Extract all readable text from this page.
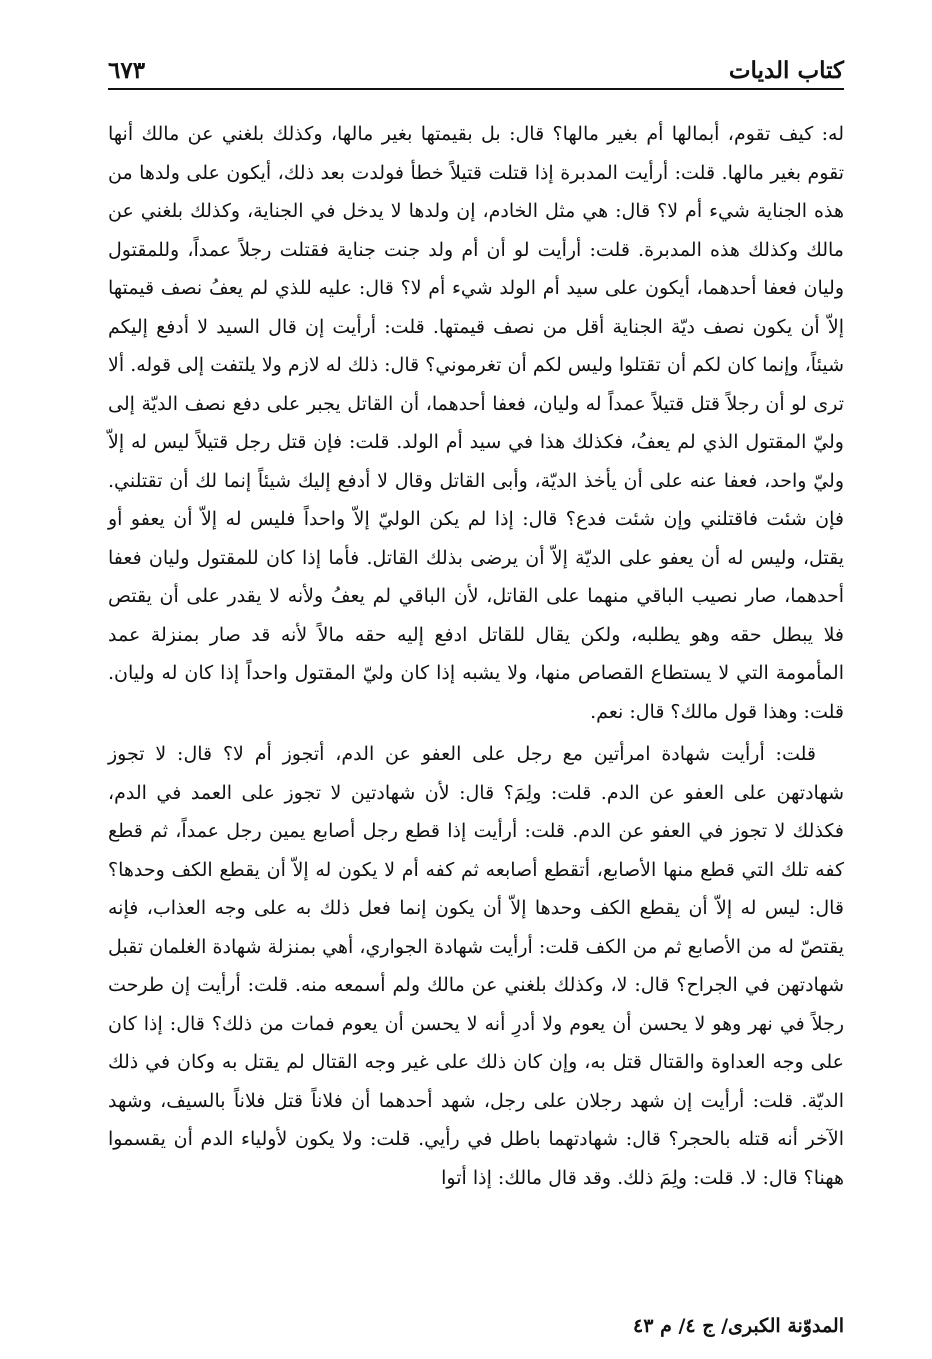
كتاب الديات
٦٧٣

له: كيف تقوم، أبمالها أم بغير مالها؟ قال: بل بقيمتها بغير مالها، وكذلك بلغني عن مالك أنها تقوم بغير مالها. قلت: أرأيت المدبرة إذا قتلت قتيلاً خطأ فولدت بعد ذلك، أيكون على ولدها من هذه الجناية شيء أم لا؟ قال: هي مثل الخادم، إن ولدها لا يدخل في الجناية، وكذلك بلغني عن مالك وكذلك هذه المدبرة. قلت: أرأيت لو أن أم ولد جنت جناية فقتلت رجلاً عمداً، وللمقتول وليان فعفا أحدهما، أيكون على سيد أم الولد شيء أم لا؟ قال: عليه للذي لم يعفُ نصف قيمتها إلاّ أن يكون نصف ديّة الجناية أقل من نصف قيمتها. قلت: أرأيت إن قال السيد لا أدفع إليكم شيئاً، وإنما كان لكم أن تقتلوا وليس لكم أن تغرموني؟ قال: ذلك له لازم ولا يلتفت إلى قوله. ألا ترى لو أن رجلاً قتل قتيلاً عمداً له وليان، فعفا أحدهما، أن القاتل يجبر على دفع نصف الديّة إلى وليّ المقتول الذي لم يعفُ، فكذلك هذا في سيد أم الولد. قلت: فإن قتل رجل قتيلاً ليس له إلاّ وليّ واحد، فعفا عنه على أن يأخذ الديّة، وأبى القاتل وقال لا أدفع إليك شيئاً إنما لك أن تقتلني. فإن شئت فاقتلني وإن شئت فدع؟ قال: إذا لم يكن الوليّ إلاّ واحداً فليس له إلاّ أن يعفو أو يقتل، وليس له أن يعفو على الديّة إلاّ أن يرضى بذلك القاتل. فأما إذا كان للمقتول وليان فعفا أحدهما، صار نصيب الباقي منهما على القاتل، لأن الباقي لم يعفُ ولأنه لا يقدر على أن يقتص فلا يبطل حقه وهو يطلبه، ولكن يقال للقاتل ادفع إليه حقه مالاً لأنه قد صار بمنزلة عمد المأمومة التي لا يستطاع القصاص منها، ولا يشبه إذا كان وليّ المقتول واحداً إذا كان له وليان. قلت: وهذا قول مالك؟ قال: نعم.

قلت: أرأيت شهادة امرأتين مع رجل على العفو عن الدم، أتجوز أم لا؟ قال: لا تجوز شهادتهن على العفو عن الدم. قلت: ولِمَ؟ قال: لأن شهادتين لا تجوز على العمد في الدم، فكذلك لا تجوز في العفو عن الدم. قلت: أرأيت إذا قطع رجل أصابع يمين رجل عمداً، ثم قطع كفه تلك التي قطع منها الأصابع، أتقطع أصابعه ثم كفه أم لا يكون له إلاّ أن يقطع الكف وحدها؟ قال: ليس له إلاّ أن يقطع الكف وحدها إلاّ أن يكون إنما فعل ذلك به على وجه العذاب، فإنه يقتصّ له من الأصابع ثم من الكف قلت: أرأيت شهادة الجواري، أهي بمنزلة شهادة الغلمان تقبل شهادتهن في الجراح؟ قال: لا، وكذلك بلغني عن مالك ولم أسمعه منه. قلت: أرأيت إن طرحت رجلاً في نهر وهو لا يحسن أن يعوم ولا أدرِ أنه لا يحسن أن يعوم فمات من ذلك؟ قال: إذا كان على وجه العداوة والقتال قتل به، وإن كان ذلك على غير وجه القتال لم يقتل به وكان في ذلك الديّة. قلت: أرأيت إن شهد رجلان على رجل، شهد أحدهما أن فلاناً قتل فلاناً بالسيف، وشهد الآخر أنه قتله بالحجر؟ قال: شهادتهما باطل في رأيي. قلت: ولا يكون لأولياء الدم أن يقسموا ههنا؟ قال: لا. قلت: ولِمَ ذلك. وقد قال مالك: إذا أتوا

المدوّنة الكبرى/ ج ٤/ م ٤٣
